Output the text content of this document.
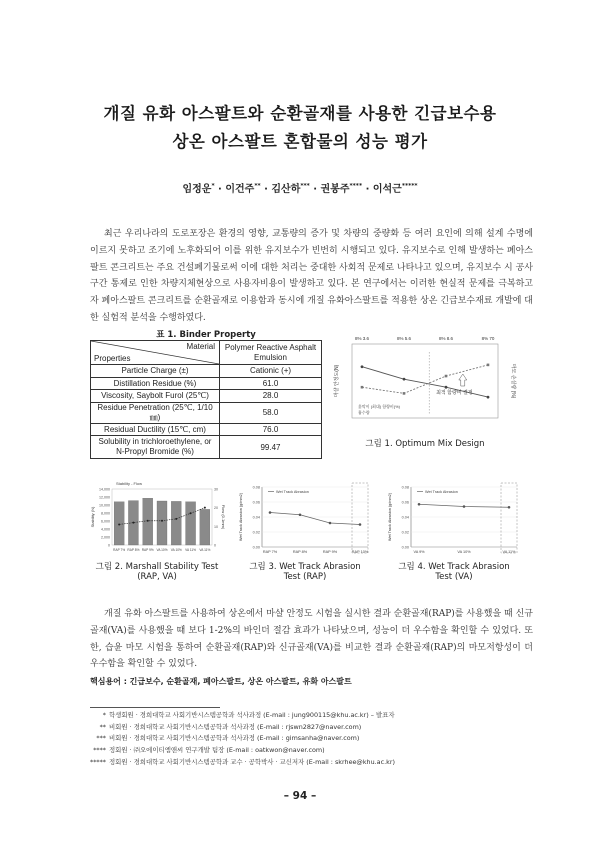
개질 유화 아스팔트와 순환골재를 사용한 긴급보수용
상온 아스팔트 혼합물의 성능 평가
임정운* · 이건주** · 김산하*** · 권봉주**** · 이석근*****
최근 우리나라의 도로포장은 환경의 영향, 교통량의 증가 및 차량의 중량화 등 여러 요인에 의해 설계 수명에 이르지 못하고 조기에 노후화되어 이를 위한 유지보수가 빈번히 시행되고 있다. 유지보수로 인해 발생하는 폐아스팔트 콘크리트는 주요 건설폐기물로써 이에 대한 처리는 중대한 사회적 문제로 나타나고 있으며, 유지보수 시 공사구간 통제로 인한 차량지체현상으로 사용자비용이 발생하고 있다. 본 연구에서는 이러한 현실적 문제를 극복하고자 폐아스팔트 콘크리트를 순환골재로 이용함과 동시에 개질 유화아스팔트를 적용한 상온 긴급보수재료 개발에 대한 실험적 분석을 수행하였다.
표 1. Binder Property
Material
Properties	Polymer Reactive Asphalt Emulsion
Particle Charge (±)	Cationic (+)
Distillation Residue (%)	61.0
Viscosity, Saybolt Furol (25℃)	28.0
Residue Penetration (25℃, 1/10㎜)	58.0
Residual Ductility (15℃, cm)	76.0
Solubility in trichloroethylene, or N-Propyl Bromide (%)	99.47
8% 3.6	8% 5.6	8% 8.6	8% 70
최적 함량비 결정
흙막이 (최대) 함량비(%)
흡수량
마샬 안정도(N)	마모 손실량 (%)
그림 1. Optimum Mix Design
Stability - Flow
14,000
12,000
10,000
8,000
6,000
4,000
2,000
0
30
20
10
0
RAP 7% RAP 8% RAP 9% VA 10% VA 10% VA 11% VA 11%
Stability (N)	Flow (0.1mm)
그림 2. Marshall Stability Test
(RAP, VA)
0.08
0.06
0.04
0.02
0.00
Wet Track Abrasion
RAP 7%	RAP 8%	RAP 9%	RAP 10%
Wet Track Abrasion (g/mm2)
그림 3. Wet Track Abrasion
Test (RAP)
0.08
0.06
0.04
0.02
0.00
Wet Track Abrasion
VA 9%	VA 10%	VA 11%
Wet Track Abrasion (g/mm2)
그림 4. Wet Track Abrasion
Test (VA)
개질 유화 아스팔트를 사용하여 상온에서 마샬 안정도 시험을 실시한 결과 순환골재(RAP)를 사용했을 때 신규골재(VA)를 사용했을 때 보다 1-2%의 바인더 절감 효과가 나타났으며, 성능이 더 우수함을 확인할 수 있었다. 또한, 습윤 마모 시험을 통하여 순환골재(RAP)와 신규골재(VA)를 비교한 결과 순환골재(RAP)의 마모저항성이 더 우수함을 확인할 수 있었다.
핵심용어 : 긴급보수, 순환골재, 폐아스팔트, 상온 아스팔트, 유화 아스팔트
* 학생회원 · 경희대학교 사회기반시스템공학과 석사과정 (E-mail : jung900115@khu.ac.kr) – 발표자
** 비회원 · 경희대학교 사회기반시스템공학과 석사과정 (E-mail : rjswn2827@naver.com)
*** 비회원 · 경희대학교 사회기반시스템공학과 석사과정 (E-mail : gimsanha@naver.com)
**** 정회원 · ㈜오에이티엠앤씨 연구개발 팀장 (E-mail : oatkwon@naver.com)
***** 정회원 · 경희대학교 사회기반시스템공학과 교수 · 공학박사 · 교신저자 (E-mail : skrhee@khu.ac.kr)
– 94 –
